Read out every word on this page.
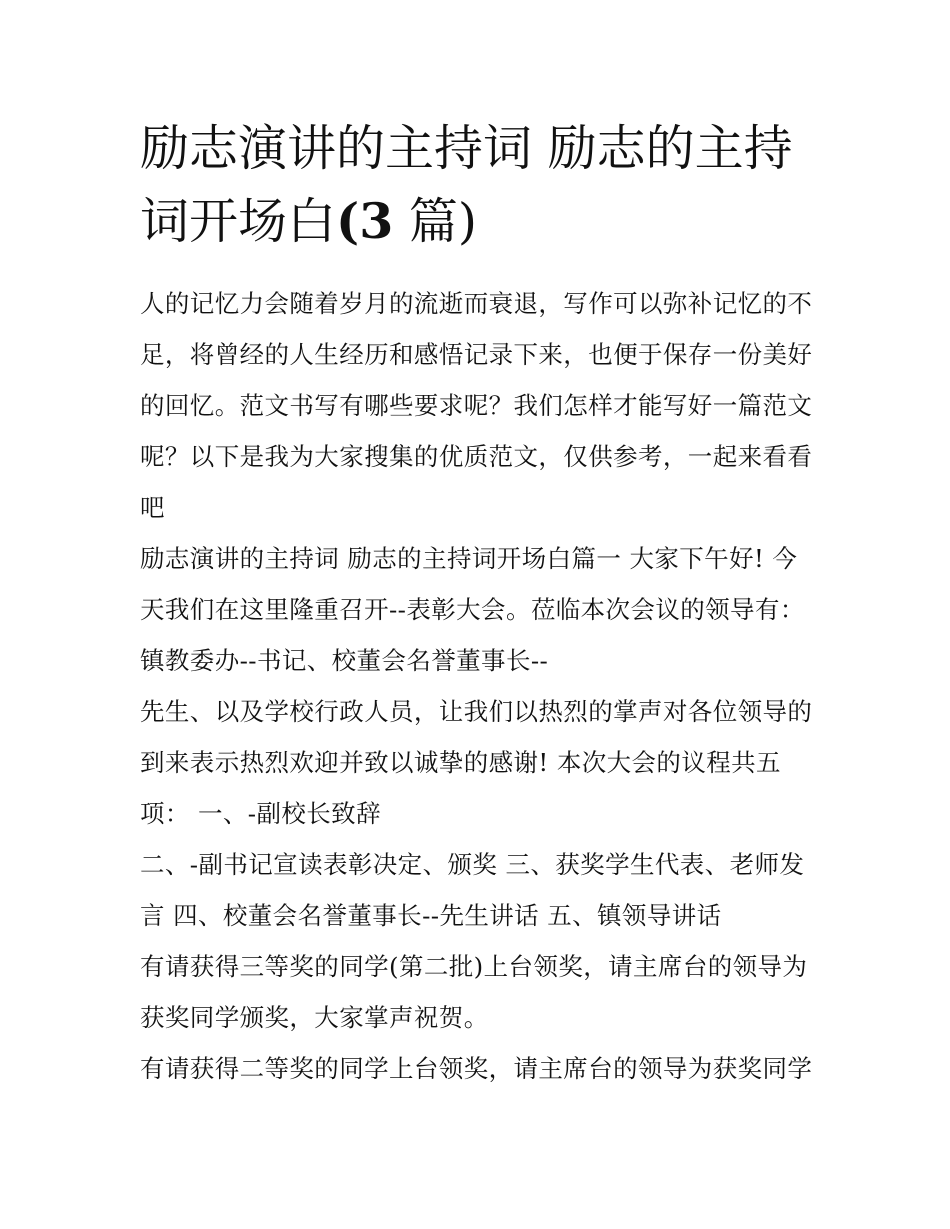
励志演讲的主持词 励志的主持
词开场白(3 篇)
人的记忆力会随着岁月的流逝而衰退，写作可以弥补记忆的不
足，将曾经的人生经历和感悟记录下来，也便于保存一份美好
的回忆。范文书写有哪些要求呢？我们怎样才能写好一篇范文
呢？以下是我为大家搜集的优质范文，仅供参考，一起来看看
吧
励志演讲的主持词 励志的主持词开场白篇一 大家下午好! 今
天我们在这里隆重召开--表彰大会。莅临本次会议的领导有：
镇教委办--书记、校董会名誉董事长--
先生、以及学校行政人员，让我们以热烈的掌声对各位领导的
到来表示热烈欢迎并致以诚挚的感谢! 本次大会的议程共五
项： 一、-副校长致辞
二、-副书记宣读表彰决定、颁奖 三、获奖学生代表、老师发
言 四、校董会名誉董事长--先生讲话 五、镇领导讲话
有请获得三等奖的同学(第二批)上台领奖，请主席台的领导为
获奖同学颁奖，大家掌声祝贺。
有请获得二等奖的同学上台领奖，请主席台的领导为获奖同学
